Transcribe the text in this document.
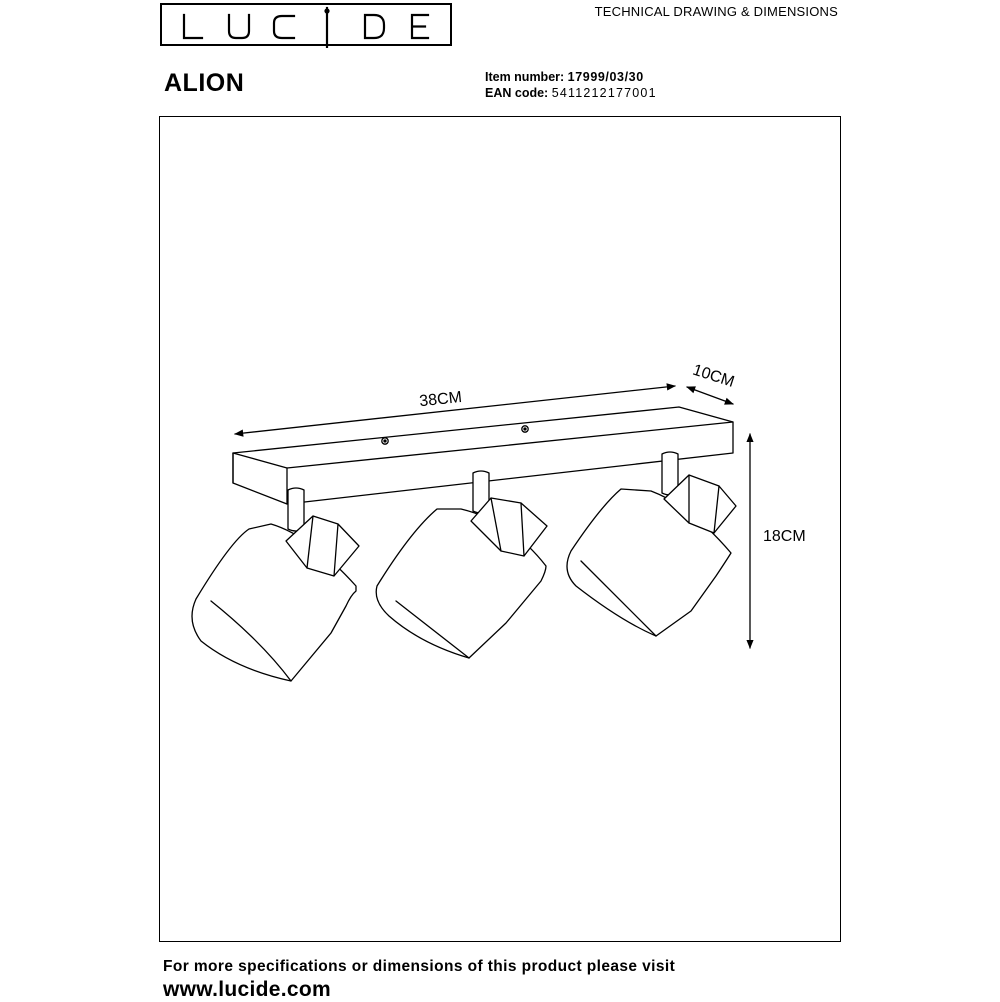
TECHNICAL DRAWING & DIMENSIONS
ALION	Item number: 17999/03/30
EAN code: 5411212177001
38CM
10CM
18CM
For more specifications or dimensions of this product please visit
www.lucide.com
